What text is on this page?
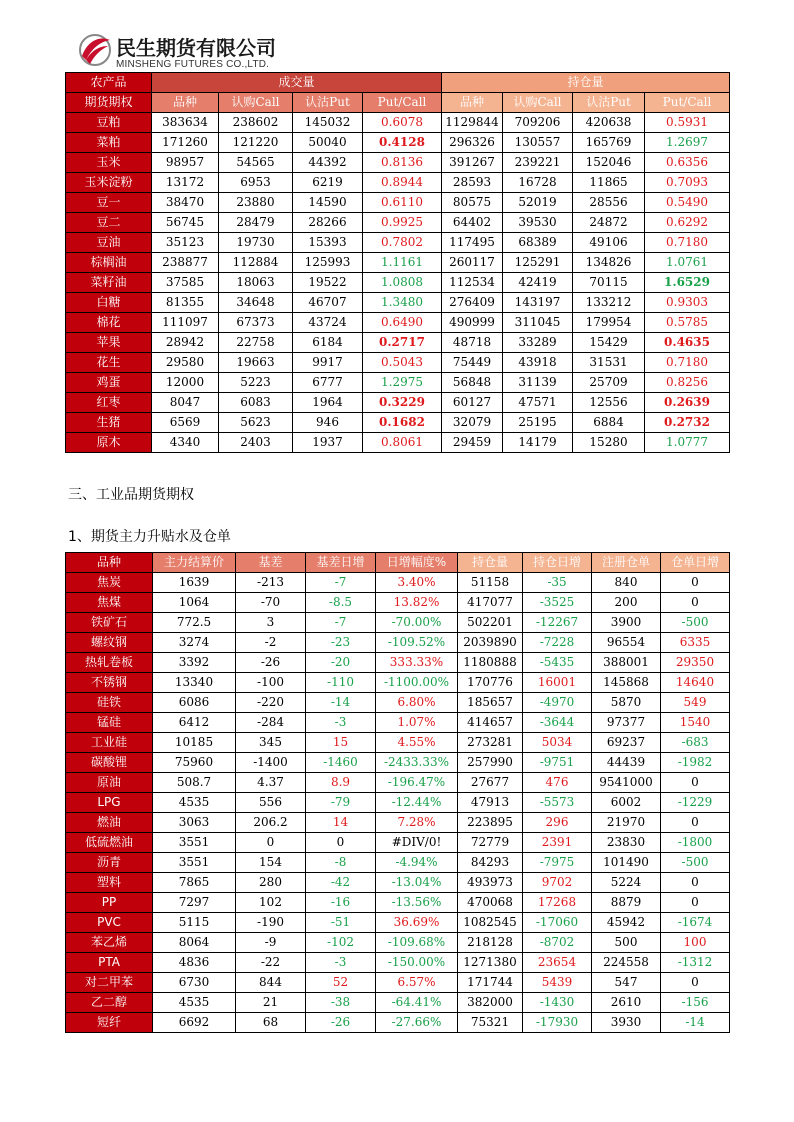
民生期货有限公司
MINSHENG FUTURES CO.,LTD.
农产品	成交量				持仓量			
期货期权	品种	认购Call	认沽Put	Put/Call	品种	认购Call	认沽Put	Put/Call
豆粕	383634	238602	145032	0.6078	1129844	709206	420638	0.5931
菜粕	171260	121220	50040	0.4128	296326	130557	165769	1.2697
玉米	98957	54565	44392	0.8136	391267	239221	152046	0.6356
玉米淀粉	13172	6953	6219	0.8944	28593	16728	11865	0.7093
豆一	38470	23880	14590	0.6110	80575	52019	28556	0.5490
豆二	56745	28479	28266	0.9925	64402	39530	24872	0.6292
豆油	35123	19730	15393	0.7802	117495	68389	49106	0.7180
棕榈油	238877	112884	125993	1.1161	260117	125291	134826	1.0761
菜籽油	37585	18063	19522	1.0808	112534	42419	70115	1.6529
白糖	81355	34648	46707	1.3480	276409	143197	133212	0.9303
棉花	111097	67373	43724	0.6490	490999	311045	179954	0.5785
苹果	28942	22758	6184	0.2717	48718	33289	15429	0.4635
花生	29580	19663	9917	0.5043	75449	43918	31531	0.7180
鸡蛋	12000	5223	6777	1.2975	56848	31139	25709	0.8256
红枣	8047	6083	1964	0.3229	60127	47571	12556	0.2639
生猪	6569	5623	946	0.1682	32079	25195	6884	0.2732
原木	4340	2403	1937	0.8061	29459	14179	15280	1.0777
三、工业品期货期权
1、期货主力升贴水及仓单
品种	主力结算价	基差	基差日增	日增幅度%	持仓量	持仓日增	注册仓单	仓单日增
焦炭	1639	-213	-7	3.40%	51158	-35	840	0
焦煤	1064	-70	-8.5	13.82%	417077	-3525	200	0
铁矿石	772.5	3	-7	-70.00%	502201	-12267	3900	-500
螺纹钢	3274	-2	-23	-109.52%	2039890	-7228	96554	6335
热轧卷板	3392	-26	-20	333.33%	1180888	-5435	388001	29350
不锈钢	13340	-100	-110	-1100.00%	170776	16001	145868	14640
硅铁	6086	-220	-14	6.80%	185657	-4970	5870	549
锰硅	6412	-284	-3	1.07%	414657	-3644	97377	1540
工业硅	10185	345	15	4.55%	273281	5034	69237	-683
碳酸锂	75960	-1400	-1460	-2433.33%	257990	-9751	44439	-1982
原油	508.7	4.37	8.9	-196.47%	27677	476	9541000	0
LPG	4535	556	-79	-12.44%	47913	-5573	6002	-1229
燃油	3063	206.2	14	7.28%	223895	296	21970	0
低硫燃油	3551	0	0	#DIV/0!	72779	2391	23830	-1800
沥青	3551	154	-8	-4.94%	84293	-7975	101490	-500
塑料	7865	280	-42	-13.04%	493973	9702	5224	0
PP	7297	102	-16	-13.56%	470068	17268	8879	0
PVC	5115	-190	-51	36.69%	1082545	-17060	45942	-1674
苯乙烯	8064	-9	-102	-109.68%	218128	-8702	500	100
PTA	4836	-22	-3	-150.00%	1271380	23654	224558	-1312
对二甲苯	6730	844	52	6.57%	171744	5439	547	0
乙二醇	4535	21	-38	-64.41%	382000	-1430	2610	-156
短纤	6692	68	-26	-27.66%	75321	-17930	3930	-14
